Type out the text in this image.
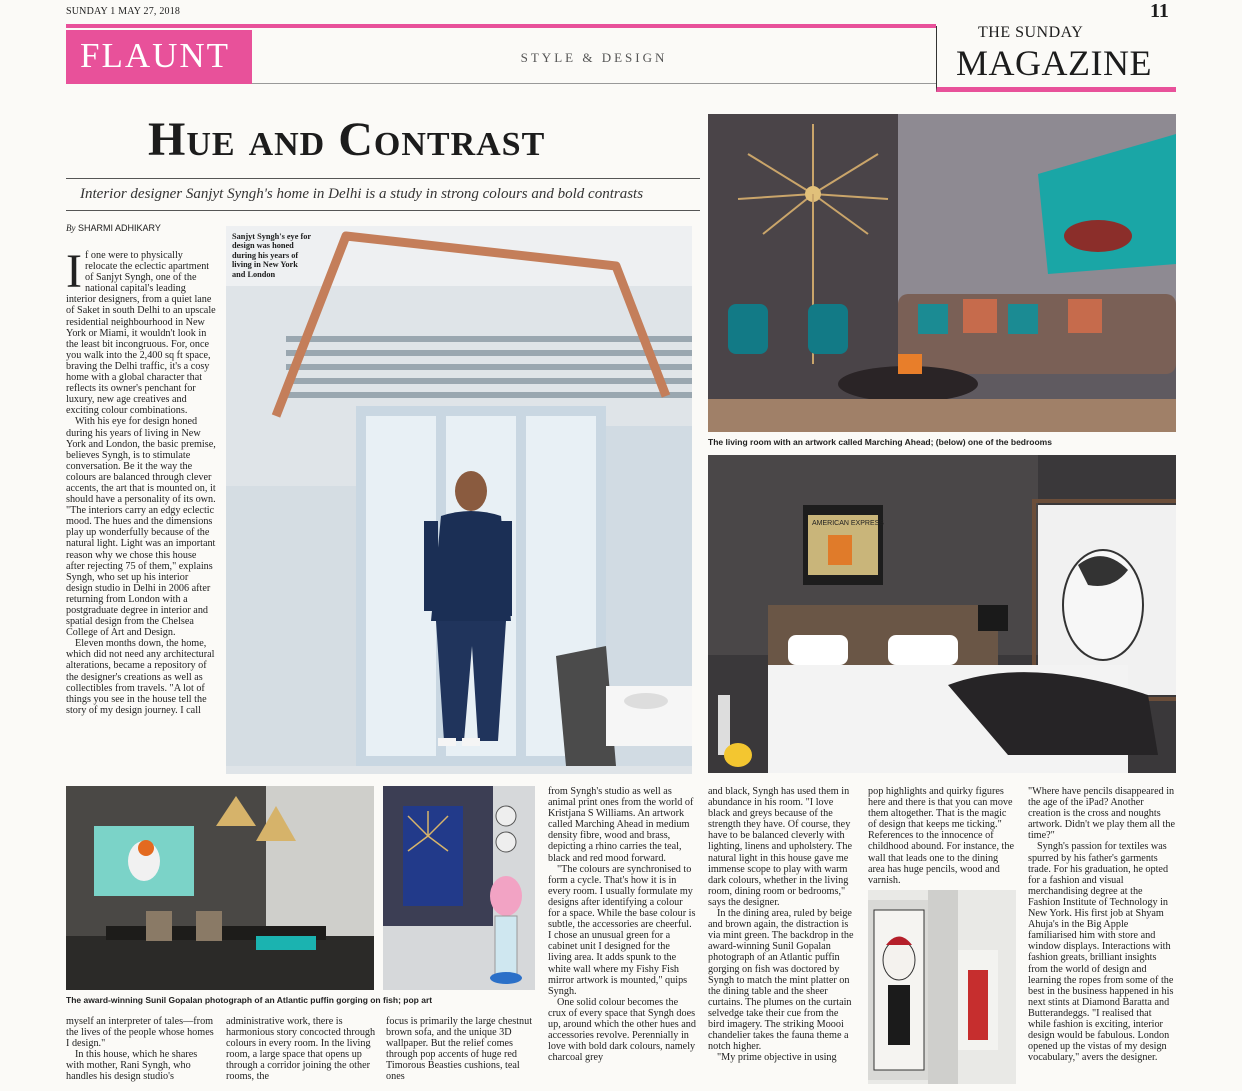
SUNDAY 1 MAY 27, 2018	11
FLAUNT	STYLE & DESIGN
THE SUNDAY
MAGAZINE
Hue and Contrast
Interior designer Sanjyt Syngh's home in Delhi is a study in strong colours and bold contrasts
By SHARMI ADHIKARY
I f one were to physically relocate the eclectic apartment of Sanjyt Syngh, one of the national capital's leading interior designers, from a quiet lane of Saket in south Delhi to an upscale residential neighbourhood in New York or Miami, it wouldn't look in the least bit incongruous. For, once you walk into the 2,400 sq ft space, braving the Delhi traffic, it's a cosy home with a global character that reflects its owner's penchant for luxury, new age creatives and exciting colour combinations.

With his eye for design honed during his years of living in New York and London, the basic premise, believes Syngh, is to stimulate conversation. Be it the way the colours are balanced through clever accents, the art that is mounted on, it should have a personality of its own. "The interiors carry an edgy eclectic mood. The hues and the dimensions play up wonderfully because of the natural light. Light was an important reason why we chose this house after rejecting 75 of them," explains Syngh, who set up his interior design studio in Delhi in 2006 after returning from London with a postgraduate degree in interior and spatial design from the Chelsea College of Art and Design.

Eleven months down, the home, which did not need any architectural alterations, became a repository of the designer's creations as well as collectibles from travels. "A lot of things you see in the house tell the story of my design journey. I call

Sanjyt Syngh's eye for design was honed during his years of living in New York and London
The living room with an artwork called Marching Ahead; (below) one of the bedrooms
AMERICAN EXPRESS
The award-winning Sunil Gopalan photograph of an Atlantic puffin gorging on fish; pop art

myself an interpreter of tales—from the lives of the people whose homes I design."

In this house, which he shares with mother, Rani Syngh, who handles his design studio's

administrative work, there is harmonious story concocted through colours in every room. In the living room, a large space that opens up through a corridor joining the other rooms, the

focus is primarily the large chestnut brown sofa, and the unique 3D wallpaper. But the relief comes through pop accents of huge red Timorous Beasties cushions, teal ones

from Syngh's studio as well as animal print ones from the world of Kristjana S Williams. An artwork called Marching Ahead in medium density fibre, wood and brass, depicting a rhino carries the teal, black and red mood forward.

"The colours are synchronised to form a cycle. That's how it is in every room. I usually formulate my designs after identifying a colour for a space. While the base colour is subtle, the accessories are cheerful. I chose an unusual green for a cabinet unit I designed for the living area. It adds spunk to the white wall where my Fishy Fish mirror artwork is mounted," quips Syngh.

One solid colour becomes the crux of every space that Syngh does up, around which the other hues and accessories revolve. Perennially in love with bold dark colours, namely charcoal grey

and black, Syngh has used them in abundance in his room. "I love black and greys because of the strength they have. Of course, they have to be balanced cleverly with lighting, linens and upholstery. The natural light in this house gave me immense scope to play with warm dark colours, whether in the living room, dining room or bedrooms," says the designer.

In the dining area, ruled by beige and brown again, the distraction is via mint green. The backdrop in the award-winning Sunil Gopalan photograph of an Atlantic puffin gorging on fish was doctored by Syngh to match the mint platter on the dining table and the sheer curtains. The plumes on the curtain selvedge take their cue from the bird imagery. The striking Moooi chandelier takes the fauna theme a notch higher.

"My prime objective in using

pop highlights and quirky figures here and there is that you can move them altogether. That is the magic of design that keeps me ticking." References to the innocence of childhood abound. For instance, the wall that leads one to the dining area has huge pencils, wood and varnish.

"Where have pencils disappeared in the age of the iPad? Another creation is the cross and noughts artwork. Didn't we play them all the time?"

Syngh's passion for textiles was spurred by his father's garments trade. For his graduation, he opted for a fashion and visual merchandising degree at the Fashion Institute of Technology in New York. His first job at Shyam Ahuja's in the Big Apple familiarised him with store and window displays. Interactions with fashion greats, brilliant insights from the world of design and learning the ropes from some of the best in the business happened in his next stints at Diamond Baratta and Butterandeggs. "I realised that while fashion is exciting, interior design would be fabulous. London opened up the vistas of my design vocabulary," avers the designer.
